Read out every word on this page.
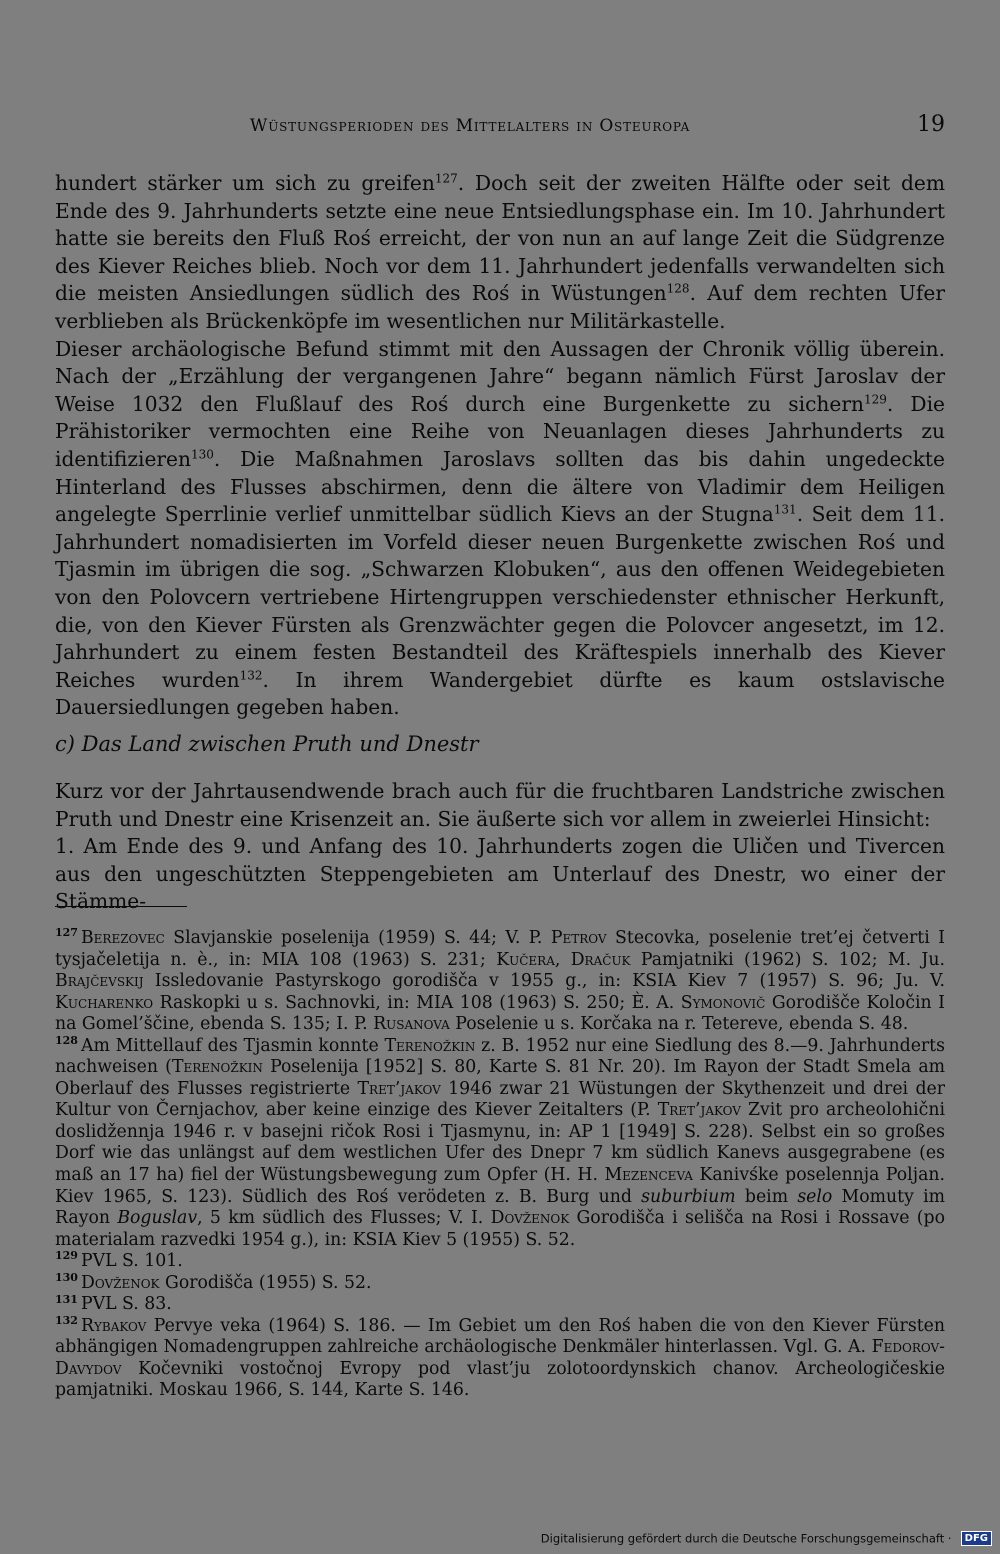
Wüstungsperioden des Mittelalters in Osteuropa	19

hundert stärker um sich zu greifen$^{127}$. Doch seit der zweiten Hälfte oder seit dem Ende des 9. Jahrhunderts setzte eine neue Entsiedlungsphase ein. Im 10. Jahrhundert hatte sie bereits den Fluß Roś erreicht, der von nun an auf lange Zeit die Südgrenze des Kiever Reiches blieb. Noch vor dem 11. Jahrhundert jedenfalls verwandelten sich die meisten Ansiedlungen südlich des Roś in Wüstungen$^{128}$. Auf dem rechten Ufer verblieben als Brückenköpfe im wesentlichen nur Militärkastelle.

Dieser archäologische Befund stimmt mit den Aussagen der Chronik völlig überein. Nach der „Erzählung der vergangenen Jahre“ begann nämlich Fürst Jaroslav der Weise 1032 den Flußlauf des Roś durch eine Burgenkette zu sichern$^{129}$. Die Prähistoriker vermochten eine Reihe von Neuanlagen dieses Jahrhunderts zu identifizieren$^{130}$. Die Maßnahmen Jaroslavs sollten das bis dahin ungedeckte Hinterland des Flusses abschirmen, denn die ältere von Vladimir dem Heiligen angelegte Sperrlinie verlief unmittelbar südlich Kievs an der Stugna$^{131}$. Seit dem 11. Jahrhundert nomadisierten im Vorfeld dieser neuen Burgenkette zwischen Roś und Tjasmin im übrigen die sog. „Schwarzen Klobuken“, aus den offenen Weidegebieten von den Polovcern vertriebene Hirtengruppen verschiedenster ethnischer Herkunft, die, von den Kiever Fürsten als Grenzwächter gegen die Polovcer angesetzt, im 12. Jahrhundert zu einem festen Bestandteil des Kräftespiels innerhalb des Kiever Reiches wurden$^{132}$. In ihrem Wandergebiet dürfte es kaum ostslavische Dauersiedlungen gegeben haben.

c) Das Land zwischen Pruth und Dnestr

Kurz vor der Jahrtausendwende brach auch für die fruchtbaren Landstriche zwischen Pruth und Dnestr eine Krisenzeit an. Sie äußerte sich vor allem in zweierlei Hinsicht:

1. Am Ende des 9. und Anfang des 10. Jahrhunderts zogen die Uličen und Tivercen aus den ungeschützten Steppengebieten am Unterlauf des Dnestr, wo einer der Stämme-

$^{127}$ Berezovec Slavjanskie poselenija (1959) S. 44; V. P. Petrov Stecovka, poselenie tret’ej četverti I tysjačeletija n. è., in: MIA 108 (1963) S. 231; Kučera, Dračuk Pamjatniki (1962) S. 102; M. Ju. Brajčevskij Issledovanie Pastyrskogo gorodišča v 1955 g., in: KSIA Kiev 7 (1957) S. 96; Ju. V. Kucharenko Raskopki u s. Sachnovki, in: MIA 108 (1963) S. 250; È. A. Symonovič Gorodišče Koločin I na Gomel’ščine, ebenda S. 135; I. P. Rusanova Poselenie u s. Korčaka na r. Tetereve, ebenda S. 48.

$^{128}$ Am Mittellauf des Tjasmin konnte Terenožkin z. B. 1952 nur eine Siedlung des 8.—9. Jahrhunderts nachweisen (Terenožkin Poselenija [1952] S. 80, Karte S. 81 Nr. 20). Im Rayon der Stadt Smela am Oberlauf des Flusses registrierte Tret’jakov 1946 zwar 21 Wüstungen der Skythenzeit und drei der Kultur von Černjachov, aber keine einzige des Kiever Zeitalters (P. Tret’jakov Zvit pro archeolohični doslidžennja 1946 r. v basejni ričok Rosi i Tjasmynu, in: AP 1 [1949] S. 228). Selbst ein so großes Dorf wie das unlängst auf dem westlichen Ufer des Dnepr 7 km südlich Kanevs ausgegrabene (es maß an 17 ha) fiel der Wüstungsbewegung zum Opfer (H. H. Mezenceva Kanivśke poselennja Poljan. Kiev 1965, S. 123). Südlich des Roś verödeten z. B. Burg und suburbium beim selo Momuty im Rayon Boguslav, 5 km südlich des Flusses; V. I. Dovženok Gorodišča i selišča na Rosi i Rossave (po materialam razvedki 1954 g.), in: KSIA Kiev 5 (1955) S. 52.

$^{129}$ PVL S. 101.

$^{130}$ Dovženok Gorodišča (1955) S. 52.

$^{131}$ PVL S. 83.

$^{132}$ Rybakov Pervye veka (1964) S. 186. — Im Gebiet um den Roś haben die von den Kiever Fürsten abhängigen Nomadengruppen zahlreiche archäologische Denkmäler hinterlassen. Vgl. G. A. Fedorov-Davydov Kočevniki vostočnoj Evropy pod vlast’ju zolotoordynskich chanov. Archeologičeskie pamjatniki. Moskau 1966, S. 144, Karte S. 146.

Digitalisierung gefördert durch die Deutsche Forschungsgemeinschaft · DFG
